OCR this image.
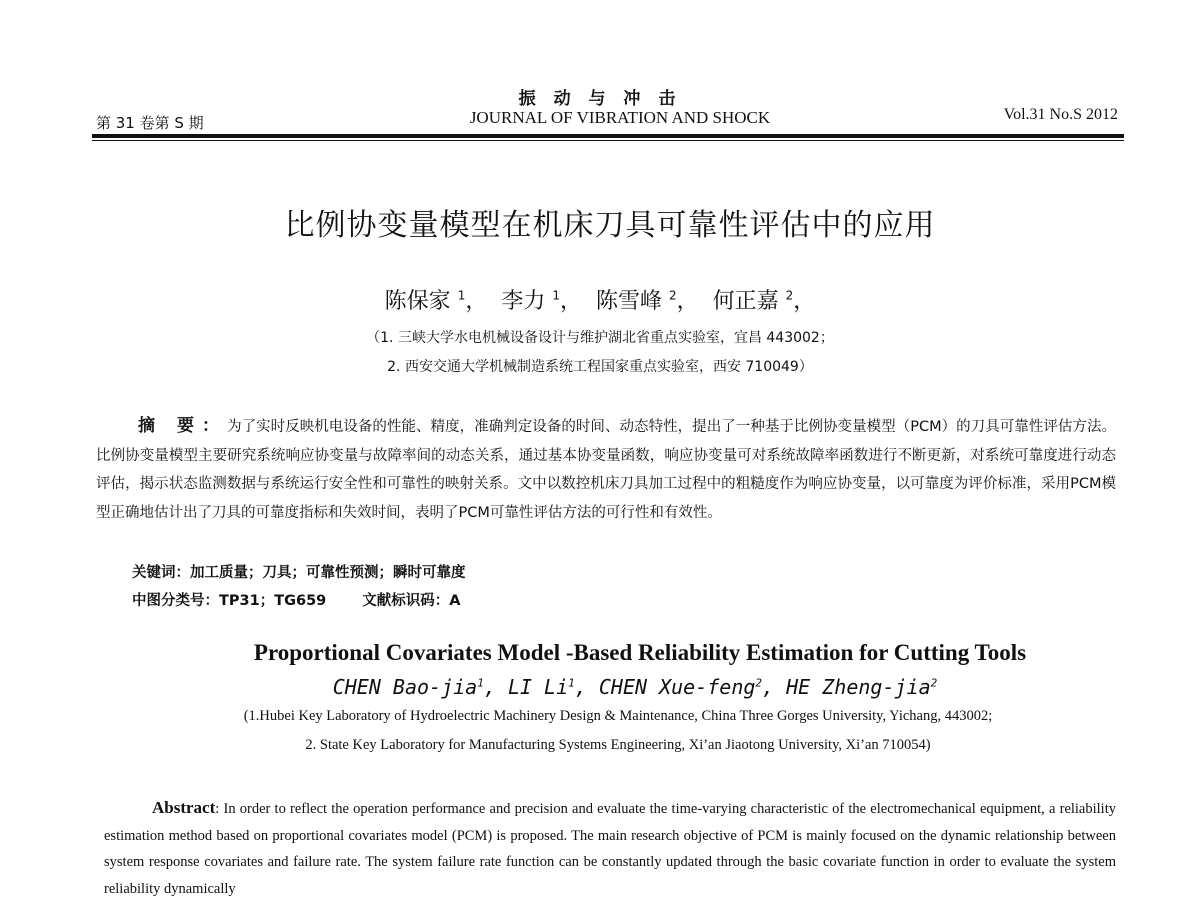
振 动 与 冲 击
第 31 卷第 S 期	JOURNAL OF VIBRATION AND SHOCK	Vol.31 No.S 2012
比例协变量模型在机床刀具可靠性评估中的应用
陈保家 $^1$，  李力 $^1$，  陈雪峰 $^2$，  何正嘉 $^2$，
（1. 三峡大学水电机械设备设计与维护湖北省重点实验室，宜昌 443002；
2. 西安交通大学机械制造系统工程国家重点实验室，西安 710049）
摘 要：为了实时反映机电设备的性能、精度，准确判定设备的时间、动态特性，提出了一种基于比例协变量模型（PCM）的刀具可靠性评估方法。比例协变量模型主要研究系统响应协变量与故障率间的动态关系，通过基本协变量函数，响应协变量可对系统故障率函数进行不断更新，对系统可靠度进行动态评估，揭示状态监测数据与系统运行安全性和可靠性的映射关系。文中以数控机床刀具加工过程中的粗糙度作为响应协变量，以可靠度为评价标准，采用PCM模型正确地估计出了刀具的可靠度指标和失效时间，表明了PCM可靠性评估方法的可行性和有效性。
关键词：加工质量；刀具；可靠性预测；瞬时可靠度
中图分类号：TP31；TG659 文献标识码：A
Proportional Covariates Model -Based Reliability Estimation for Cutting Tools
CHEN Bao-jia$^1$, LI Li$^1$, CHEN Xue-feng$^2$, HE Zheng-jia$^2$
(1.Hubei Key Laboratory of Hydroelectric Machinery Design & Maintenance, China Three Gorges University, Yichang, 443002;
2. State Key Laboratory for Manufacturing Systems Engineering, Xi’an Jiaotong University, Xi’an 710054)
Abstract: In order to reflect the operation performance and precision and evaluate the time-varying characteristic of the electromechanical equipment, a reliability estimation method based on proportional covariates model (PCM) is proposed. The main research objective of PCM is mainly focused on the dynamic relationship between system response covariates and failure rate. The system failure rate function can be constantly updated through the basic covariate function in order to evaluate the system reliability dynamically
